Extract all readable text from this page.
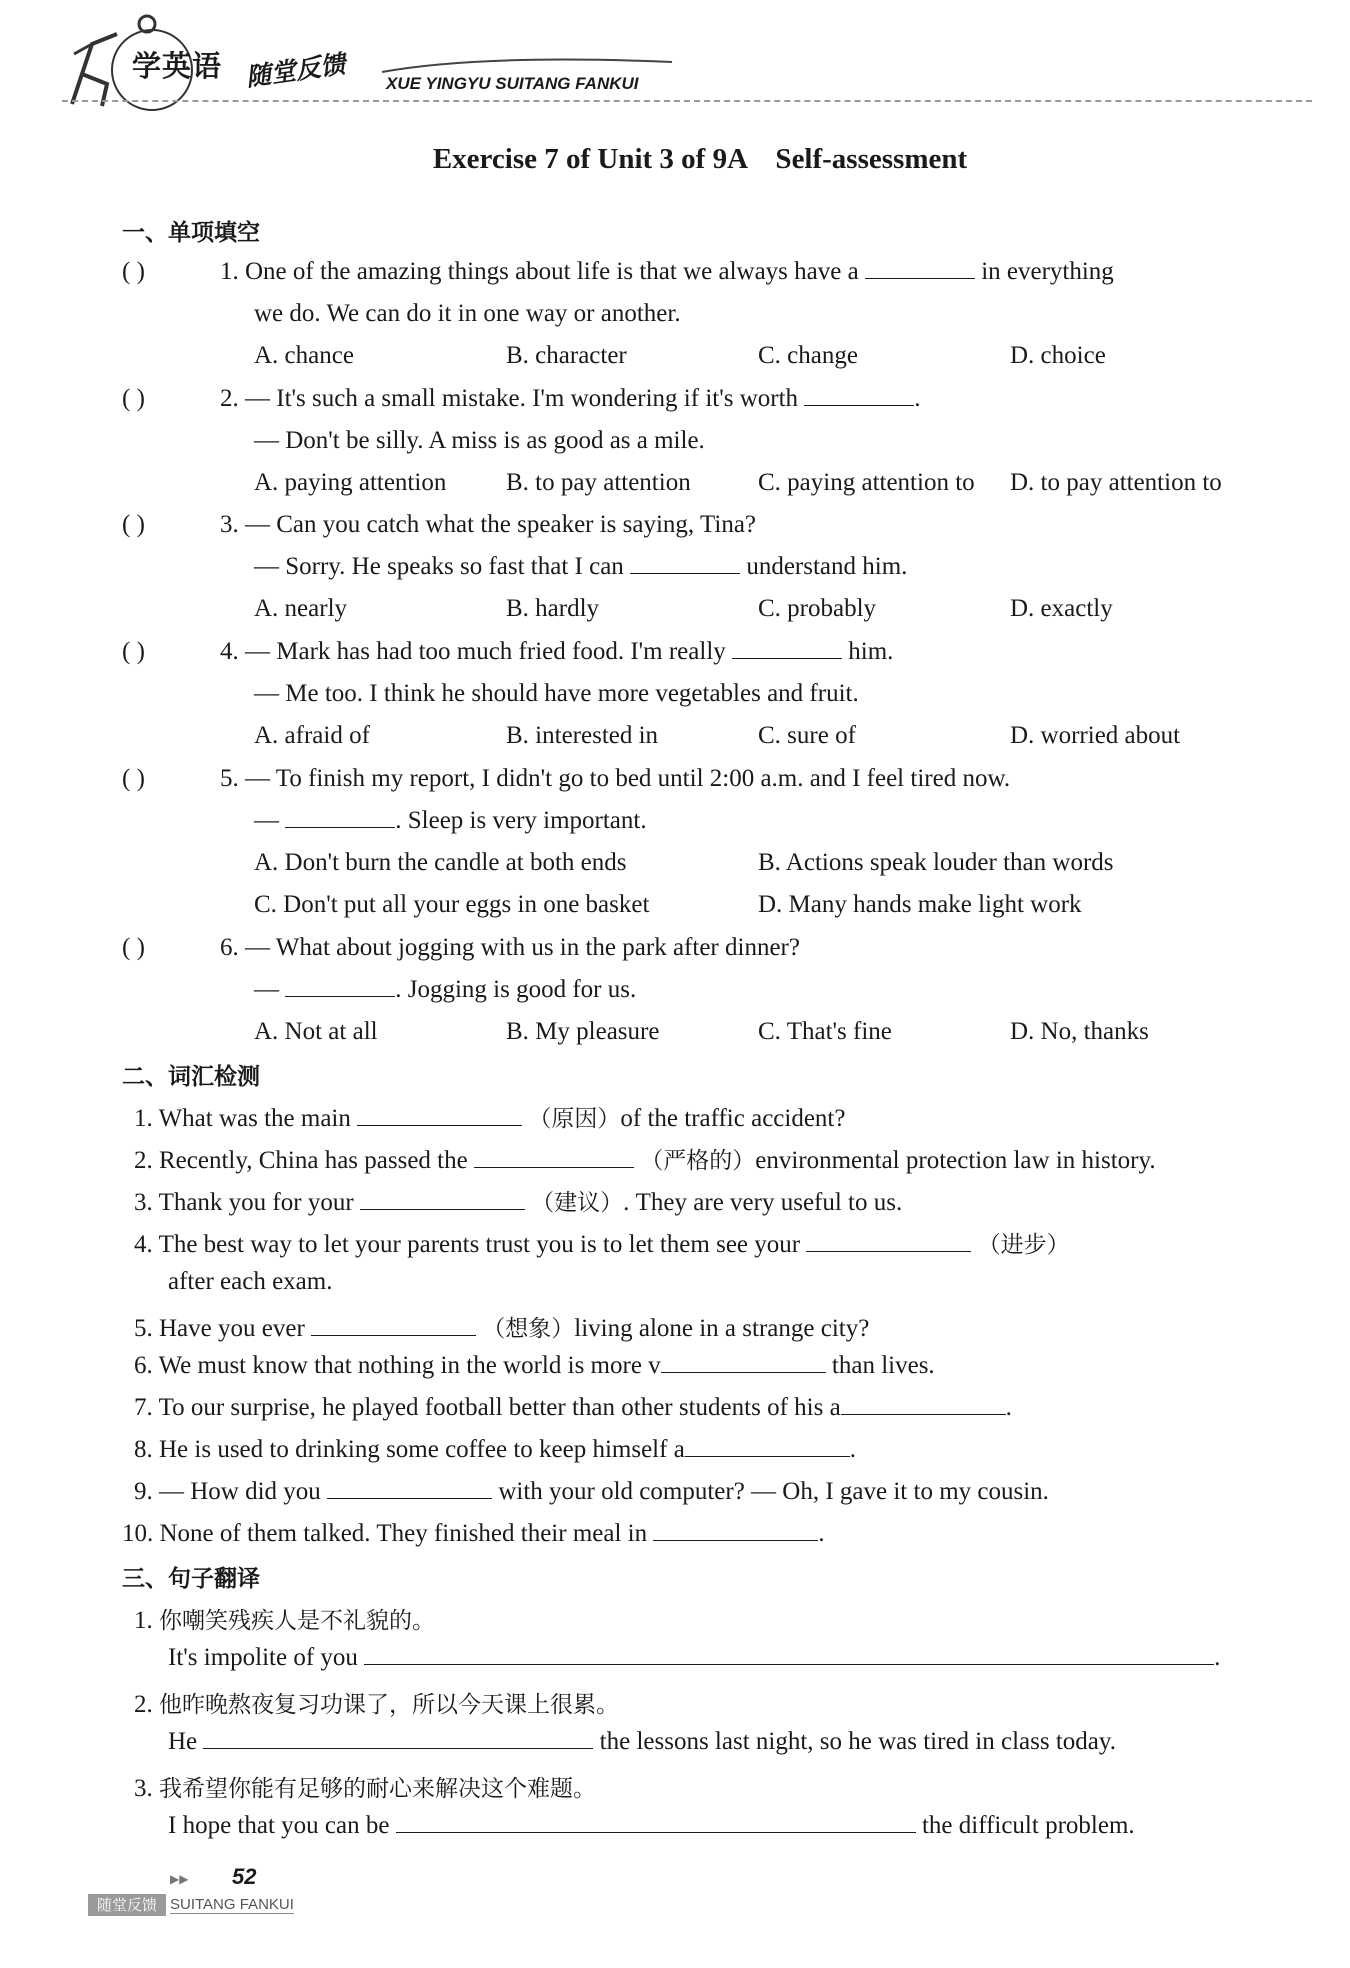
学英语 随堂反馈 XUE YINGYU SUITANG FANKUI
Exercise 7 of Unit 3 of 9A    Self-assessment
一、单项填空
( )	1. One of the amazing things about life is that we always have a	in everything
we do. We can do it in one way or another.
A. chance	B. character	C. change	D. choice
( )	2. — It's such a small mistake. I'm wondering if it's worth	.
— Don't be silly. A miss is as good as a mile.
A. paying attention B. to pay attention	C. paying attention to D. to pay attention to
( )	3. — Can you catch what the speaker is saying, Tina?
— Sorry. He speaks so fast that I can	understand him.
A. nearly	B. hardly	C. probably	D. exactly
( )	4. — Mark has had too much fried food. I'm really	him.
— Me too. I think he should have more vegetables and fruit.
A. afraid of	B. interested in	C. sure of	D. worried about
( )	5. — To finish my report, I didn't go to bed until 2:00 a.m. and I feel tired now.
—	. Sleep is very important.
A. Don't burn the candle at both ends	B. Actions speak louder than words
C. Don't put all your eggs in one basket	D. Many hands make light work
( )	6. — What about jogging with us in the park after dinner?
—	. Jogging is good for us.
A. Not at all	B. My pleasure	C. That's fine	D. No, thanks
二、词汇检测
1. What was the main	（原因）of the traffic accident?
2. Recently, China has passed the	（严格的）environmental protection law in history.
3. Thank you for your	（建议）. They are very useful to us.
4. The best way to let your parents trust you is to let them see your	（进步）
after each exam.
5. Have you ever	（想象）living alone in a strange city?
6. We must know that nothing in the world is more v	than lives.
7. To our surprise, he played football better than other students of his a	.
8. He is used to drinking some coffee to keep himself a	.
9. — How did you	with your old computer? — Oh, I gave it to my cousin.
10. None of them talked. They finished their meal in	.
三、句子翻译
1. 你嘲笑残疾人是不礼貌的。
It's impolite of you	.
2. 他昨晚熬夜复习功课了，所以今天课上很累。
He	the lessons last night, so he was tired in class today.
3. 我希望你能有足够的耐心来解决这个难题。
I hope that you can be	the difficult problem.
▶▶ 52
随堂反馈 SUITANG FANKUI
